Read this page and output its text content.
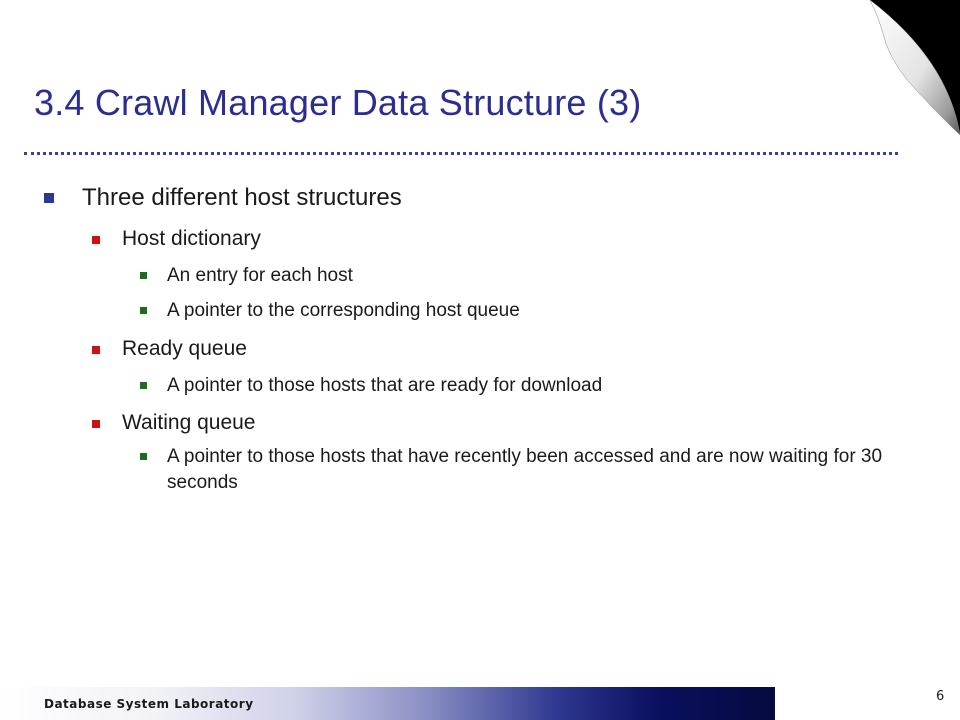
3.4 Crawl Manager Data Structure (3)
Three different host structures
Host dictionary
An entry for each host
A pointer to the corresponding host queue
Ready queue
A pointer to those hosts that are ready for download
Waiting queue
A pointer to those hosts that have recently been accessed and are now waiting for 30 seconds
Database System Laboratory	6
